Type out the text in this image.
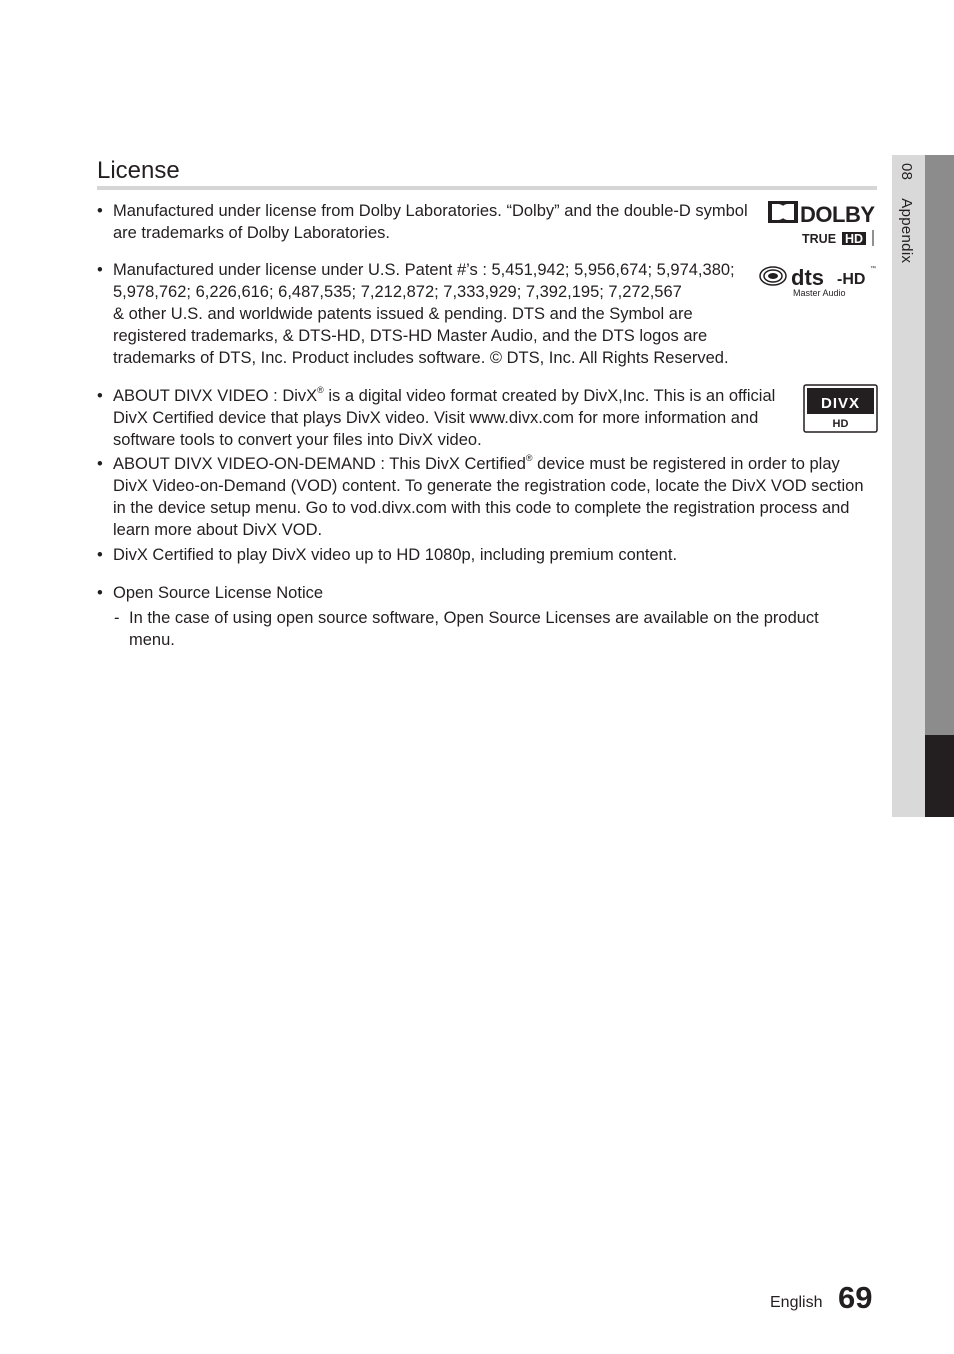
License
• Manufactured under license from Dolby Laboratories. “Dolby” and the double-D symbol
are trademarks of Dolby Laboratories.
DOLBY
TRUE HD
• Manufactured under license under U.S. Patent #’s : 5,451,942; 5,956,674; 5,974,380;
5,978,762; 6,226,616; 6,487,535; 7,212,872; 7,333,929; 7,392,195; 7,272,567
& other U.S. and worldwide patents issued & pending. DTS and the Symbol are
registered trademarks, & DTS-HD, DTS-HD Master Audio, and the DTS logos are
trademarks of DTS, Inc. Product includes software. © DTS, Inc. All Rights Reserved.
dts -HD
™
Master Audio
• ABOUT DIVX VIDEO : DivX® is a digital video format created by DivX,Inc. This is an official
DivX Certified device that plays DivX video. Visit www.divx.com for more information and
software tools to convert your files into DivX video.
DIVX
HD
• ABOUT DIVX VIDEO-ON-DEMAND : This DivX Certified® device must be registered in order to play
DivX Video-on-Demand (VOD) content. To generate the registration code, locate the DivX VOD section
in the device setup menu. Go to vod.divx.com with this code to complete the registration process and
learn more about DivX VOD.
• DivX Certified to play DivX video up to HD 1080p, including premium content.
• Open Source License Notice
- In the case of using open source software, Open Source Licenses are available on the product
menu.
08Appendix
English 69
